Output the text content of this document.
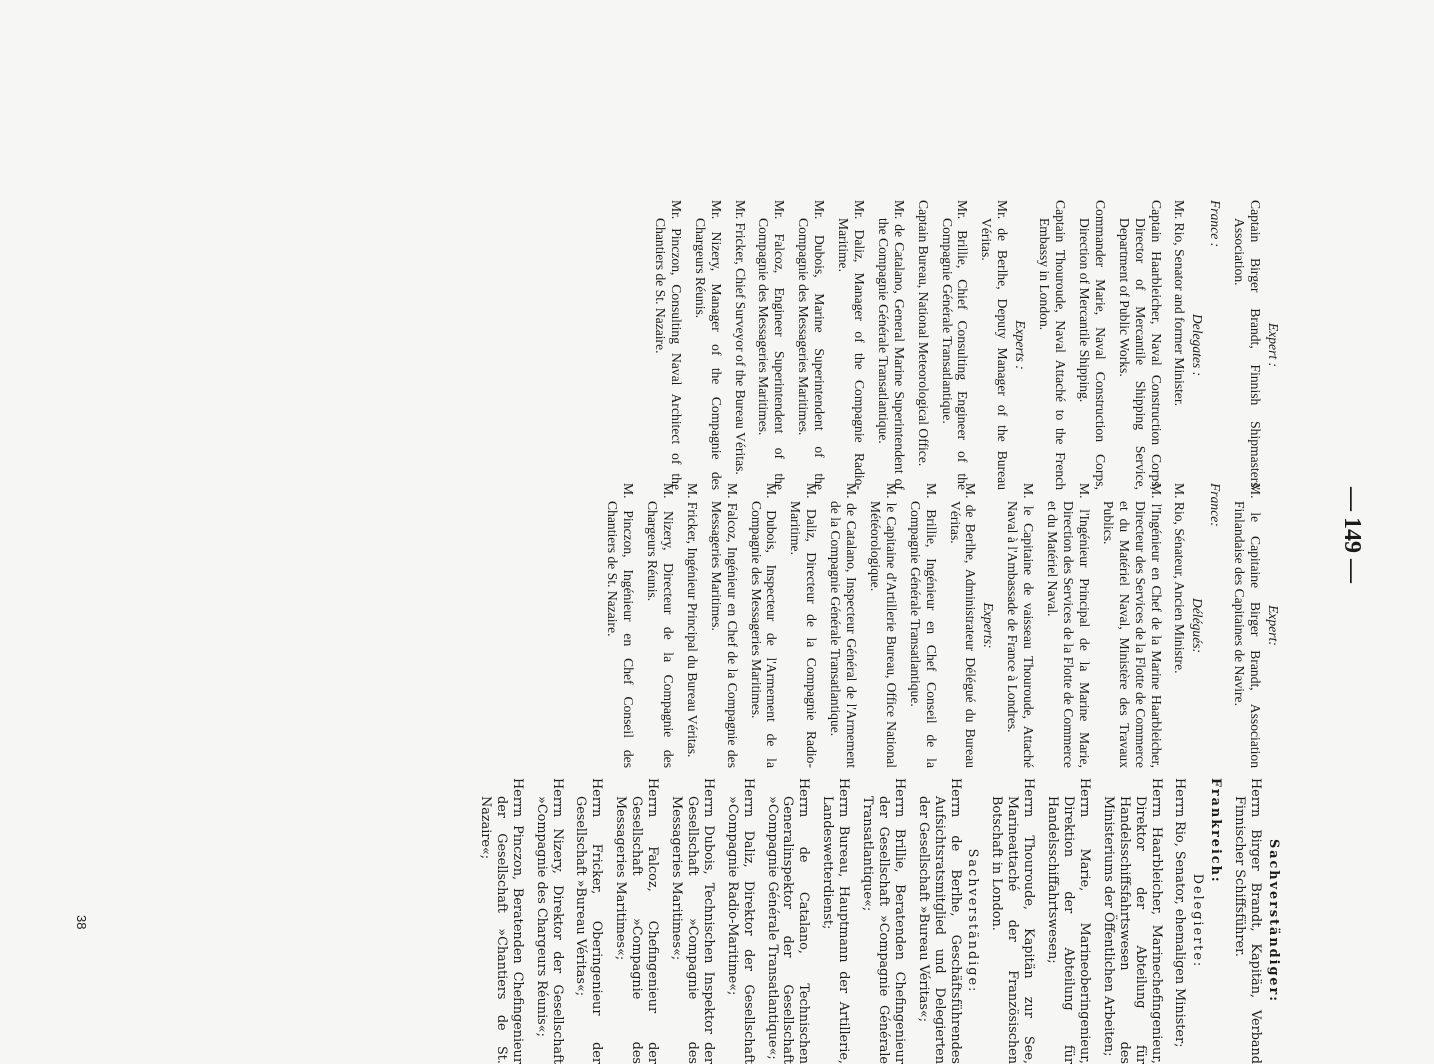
— 149 —
Expert :
Captain Birger Brandt, Finnish Shipmasters' Association.
France :
Delegates :
Mr. Rio, Senator and former Minister.
Captain Haarbleicher, Naval Construction Corps, Director of Mercantile Shipping Service, Department of Public Works.
Commander Marie, Naval Construction Corps, Direction of Mercantile Shipping.
Captain Thouroude, Naval Attaché to the French Embassy in London.
Experts :
Mr. de Berlhe, Deputy Manager of the Bureau Véritas.
Mr. Brillie, Chief Consulting Engineer of the Compagnie Générale Transatlantique.
Captain Bureau, National Meteorological Office.
Mr. de Catalano, General Marine Superintendent of the Compagnie Générale Transatlantique.
Mr. Daliz, Manager of the Compagnie Radio-Maritime.
Mr. Dubois, Marine Superintendent of the Compagnie des Messageries Maritimes.
Mr. Falcoz, Engineer Superintendent of the Compagnie des Messageries Maritimes.
Mr. Fricker, Chief Surveyor of the Bureau Véritas.
Mr. Nizery, Manager of the Compagnie des Chargeurs Réunis.
Mr. Pinczon, Consulting Naval Architect of the Chantiers de St. Nazaire.
Expert:
M. le Capitaine Birger Brandt, Association Finlandaise des Capitaines de Navire.
France:
Délégués:
M. Rio, Sénateur, Ancien Ministre.
M. l'Ingénieur en Chef de la Marine Haarbleicher, Directeur des Services de la Flotte de Commerce et du Matériel Naval, Ministère des Travaux Publics.
M. l'Ingénieur Principal de la Marine Marie, Direction des Services de la Flotte de Commerce et du Matériel Naval.
M. le Capitaine de vaisseau Thouroude, Attaché Naval à l'Ambassade de France à Londres.
Experts:
M. de Berlhe, Administrateur Délégué du Bureau Véritas.
M. Brillie, Ingénieur en Chef Conseil de la Compagnie Générale Transatlantique.
M. le Capitaine d'Artillerie Bureau, Office National Météorologique.
M. de Catalano, Inspecteur Général de l'Armement de la Compagnie Générale Transatlantique.
M. Daliz, Directeur de la Compagnie Radio-Maritime.
M. Dubois, Inspecteur de l'Armement de la Compagnie des Messageries Maritimes.
M. Falcoz, Ingénieur en Chef de la Compagnie des Messageries Maritimes.
M. Fricker, Ingénieur Principal du Bureau Véritas.
M. Nizery, Directeur de la Compagnie des Chargeurs Réunis.
M. Pinczon, Ingénieur en Chef Conseil des Chantiers de St. Nazaire.
Sachverständiger:
Herrn Birger Brandt, Kapitän, Verband Finnischer Schiffsführer.
Frankreich:
Delegierte:
Herrn Rio, Senator, ehemaligen Minister;
Herrn Haarbleicher, Marinechefingenieur, Direktor der Abteilung für Handelsschiffsfahrtswesen des Ministeriums der Öffentlichen Arbeiten;
Herrn Marie, Marineoberingenieur, Direktion der Abteilung für Handelsschiffahrtswesen;
Herrn Thouroude, Kapitän zur See, Marineattaché der Französischen Botschaft in London.
Sachverständige:
Herrn de Berlhe, Geschäftsführendes Aufsichtsratsmitglied und Delegierten der Gesellschaft »Bureau Véritas«;
Herrn Brillie, Beratenden Chefingenieur der Gesellschaft »Compagnie Générale Transatlantique«;
Herrn Bureau, Hauptmann der Artillerie, Landeswetterdienst;
Herrn de Catalano, Technischen Generalinspektor der Gesellschaft »Compagnie Générale Transatlantique«;
Herrn Daliz, Direktor der Gesellschaft »Compagnie Radio-Maritime«;
Herrn Dubois, Technischen Inspektor der Gesellschaft »Compagnie des Messageries Maritimes«;
Herrn Falcoz, Chefingenieur der Gesellschaft »Compagnie des Messageries Maritimes«;
Herrn Fricker, Oberingenieur der Gesellschaft »Bureau Véritas«;
Herrn Nizery, Direktor der Gesellschaft »Compagnie des Chargeurs Réunis«;
Herrn Pinczon, Beratenden Chefingenieur der Gesellschaft »Chantiers de St. Nazaire«;
38
